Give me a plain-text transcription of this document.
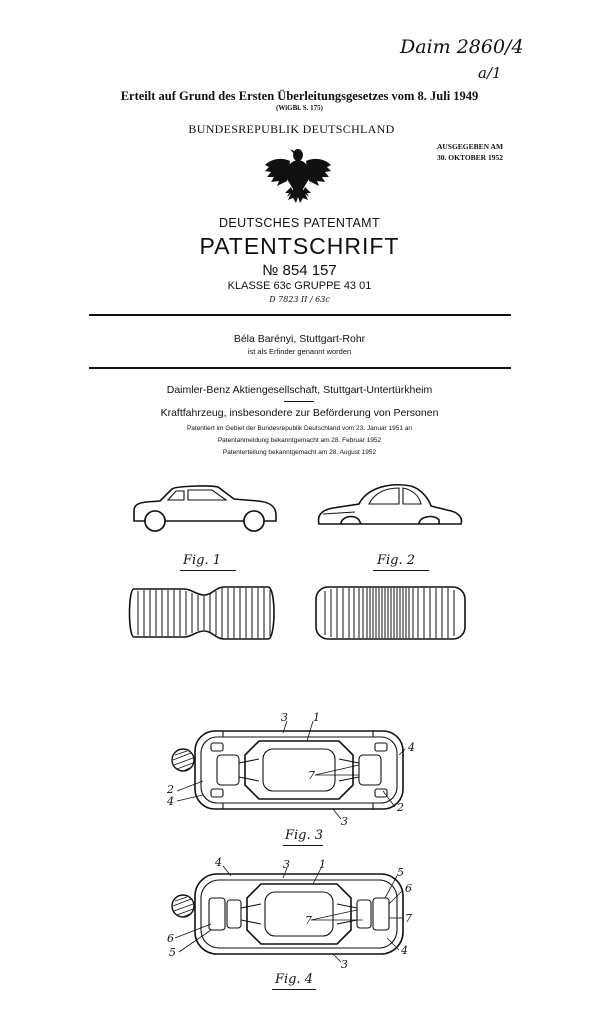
Daim 2860/4
a/1
Erteilt auf Grund des Ersten Überleitungsgesetzes vom 8. Juli 1949
(WiGBl. S. 175)
BUNDESREPUBLIK DEUTSCHLAND
AUSGEGEBEN AM
30. OKTOBER 1952
DEUTSCHES PATENTAMT
PATENTSCHRIFT
№ 854 157
KLASSE 63c GRUPPE 43 01
D 7823 II / 63c
Béla Barényi, Stuttgart-Rohr
ist als Erfinder genannt worden
Daimler-Benz Aktiengesellschaft, Stuttgart-Untertürkheim
Kraftfahrzeug, insbesondere zur Beförderung von Personen
Patentiert im Gebiet der Bundesrepublik Deutschland vom 23. Januar 1951 an
Patentanmeldung bekanntgemacht am 28. Februar 1952
Patenterteilung bekanntgemacht am 28. August 1952
Fig. 1	Fig. 2
3 1
4
7
2
4	2
3
Fig. 3
4	3	1
5
6
7	7
6
5	4
3
Fig. 4
